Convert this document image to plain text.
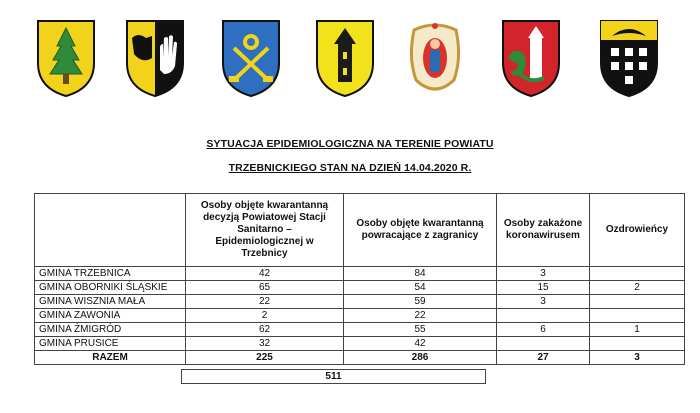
SYTUACJA EPIDEMIOLOGICZNA NA TERENIE POWIATU
TRZEBNICKIEGO STAN NA DZIEŃ 14.04.2020 R.
	Osoby objęte kwarantanną decyzją Powiatowej Stacji Sanitarno – Epidemiologicznej w Trzebnicy	Osoby objęte kwarantanną powracające z zagranicy	Osoby zakażone koronawirusem	Ozdrowieńcy
GMINA TRZEBNICA	42	84	3	
GMINA OBORNIKI ŚLĄSKIE	65	54	15	2
GMINA WISZNIA MAŁA	22	59	3	
GMINA ZAWONIA	2	22		
GMINA ŻMIGRÓD	62	55	6	1
GMINA PRUSICE	32	42		
RAZEM	225	286	27	3
511
